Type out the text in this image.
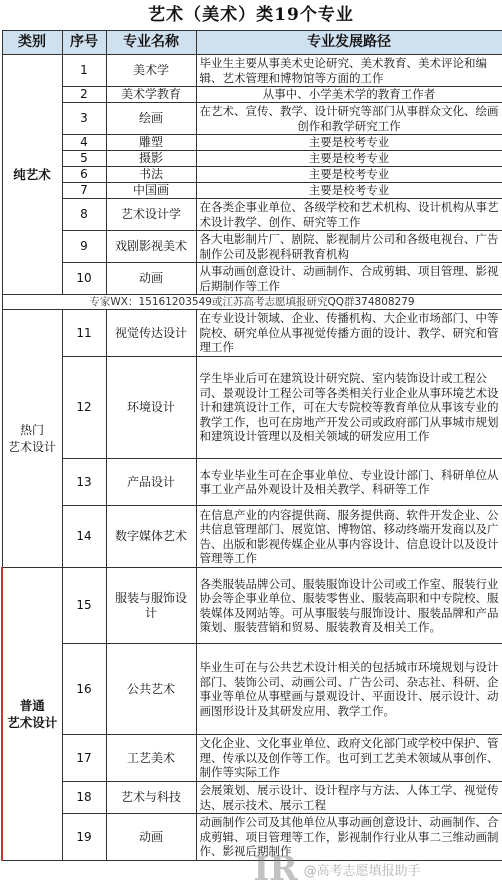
艺术（美术）类19个专业
类别	序号	专业名称	专业发展路径
纯艺术	1	美术学	毕业生主要从事美术史论研究、美术教育、美术评论和编辑、艺术管理和博物馆等方面的工作
	2	美术学教育	从事中、小学美术学的教育工作者
	3	绘画	在艺术、宣传、教学、设计研究等部门从事群众文化、绘画创作和教学研究工作
	4	雕塑	主要是校考专业
	5	摄影	主要是校考专业
	6	书法	主要是校考专业
	7	中国画	主要是校考专业
	8	艺术设计学	在各类企事业单位、各级学校和艺术机构、设计机构从事艺术设计教学、创作、研究等工作
	9	戏剧影视美术	各大电影制片厂、剧院、影视制片公司和各级电视台、广告制作公司及影视科研教育机构
	10	动画	从事动画创意设计、动画制作、合成剪辑、项目管理、影视后期制作等工作
专家WX：15161203549或江苏高考志愿填报研究QQ群374808279			
热门
艺术设计	11	视觉传达设计	在专业设计领域、企业、传播机构、大企业市场部门、中等院校、研究单位从事视觉传播方面的设计、教学、研究和管理工作
	12	环境设计	学生毕业后可在建筑设计研究院、室内装饰设计或工程公司、景观设计工程公司等各类相关行业企业从事环境艺术设计和建筑设计工作，可在大专院校等教育单位从事该专业的教学工作，也可在房地产开发公司或政府部门从事城市规划和建筑设计管理以及相关领域的研发应用工作
	13	产品设计	本专业毕业生可在企事业单位、专业设计部门、科研单位从事工业产品外观设计及相关教学、科研等工作
	14	数字媒体艺术	在信息产业的内容提供商、服务提供商、软件开发企业、公共信息管理部门、展览馆、博物馆、移动终端开发商以及广告、出版和影视传媒企业从事内容设计、信息设计以及设计管理等工作
普通
艺术设计	15	服装与服饰设计	各类服装品牌公司、服装服饰设计公司或工作室、服装行业协会等企事业单位、服装零售业、服装高职和中专院校、服装媒体及网站等。可从事服装与服饰设计、服装品牌和产品策划、服装营销和贸易、服装教育及相关工作。
	16	公共艺术	毕业生可在与公共艺术设计相关的包括城市环境规划与设计部门、装饰公司、动画公司、广告公司、杂志社、科研、企事业等单位从事壁画与景观设计、平面设计、展示设计、动画图形设计及其研发应用、教学工作。
	17	工艺美术	文化企业、文化事业单位、政府文化部门或学校中保护、管理、传承以及创作等工作。也可到工艺美术领域从事创作、制作等实际工作
	18	艺术与科技	会展策划、展示设计、设计程序与方法、人体工学、视觉传达、展示技术、展示工程
	19	动画	动画制作公司及其他单位从事动画创意设计、动画制作、合成剪辑、项目管理等工作，影视制作行业从事二三维动画制作、影视后期制作
IR @高考志愿填报助手
